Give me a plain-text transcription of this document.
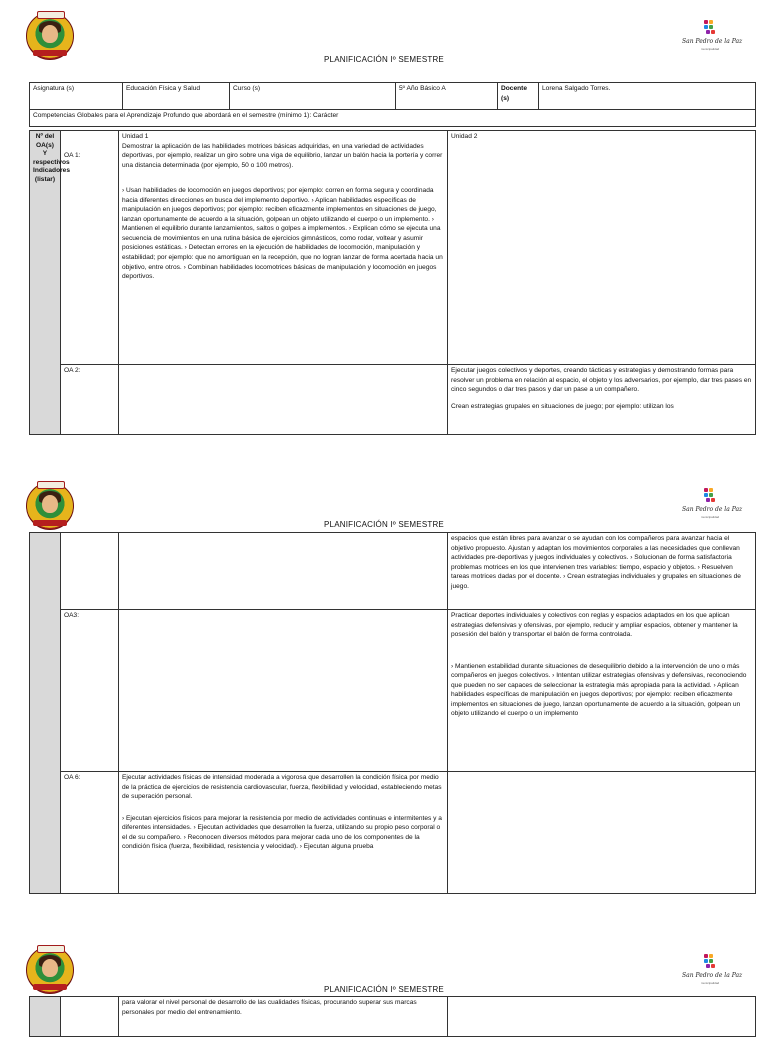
San Pedro de la Paz
municipalidad
PLANIFICACIÓN Iº SEMESTRE
Asignatura (s)	Educación Física y Salud	Curso (s)	5º Año Básico A	Docente (s)	Lorena Salgado Torres.
Competencias Globales para el Aprendizaje Profundo que abordará en el semestre (mínimo 1): Carácter
Nº del OA(s) Y respectivos Indicadores (listar)	OA 1:	Unidad 1
Demostrar la aplicación de las habilidades motrices básicas adquiridas, en una variedad de actividades deportivas, por ejemplo, realizar un giro sobre una viga de equilibrio, lanzar un balón hacia la portería y correr una distancia determinada (por ejemplo, 50 o 100 metros).
› Usan habilidades de locomoción en juegos deportivos; por ejemplo: corren en forma segura y coordinada hacia diferentes direcciones en busca del implemento deportivo. › Aplican habilidades específicas de manipulación en juegos deportivos; por ejemplo: reciben eficazmente implementos en situaciones de juego, lanzan oportunamente de acuerdo a la situación, golpean un objeto utilizando el cuerpo o un implemento. › Mantienen el equilibrio durante lanzamientos, saltos o golpes a implementos. › Explican cómo se ejecuta una secuencia de movimientos en una rutina básica de ejercicios gimnásticos, como rodar, voltear y asumir posiciones estáticas. › Detectan errores en la ejecución de habilidades de locomoción, manipulación y estabilidad; por ejemplo: que no amortiguan en la recepción, que no logran lanzar de forma acertada hacia un objetivo, entre otros. › Combinan habilidades locomotrices básicas de manipulación y locomoción en juegos deportivos.	Unidad 2
	OA 2:		Ejecutar juegos colectivos y deportes, creando tácticas y estrategias y demostrando formas para resolver un problema en relación al espacio, el objeto y los adversarios, por ejemplo, dar tres pases en cinco segundos o dar tres pasos y dar un pase a un compañero.
Crean estrategias grupales en situaciones de juego; por ejemplo: utilizan los
San Pedro de la Paz
municipalidad
PLANIFICACIÓN Iº SEMESTRE
			espacios que están libres para avanzar o se ayudan con los compañeros para avanzar hacia el objetivo propuesto. Ajustan y adaptan los movimientos corporales a las necesidades que conllevan actividades pre-deportivas y juegos individuales y colectivos. › Solucionan de forma satisfactoria problemas motrices en los que intervienen tres variables: tiempo, espacio y objetos. › Resuelven tareas motrices dadas por el docente. › Crean estrategias individuales y grupales en situaciones de juego.
	OA3:		Practicar deportes individuales y colectivos con reglas y espacios adaptados en los que aplican estrategias defensivas y ofensivas, por ejemplo, reducir y ampliar espacios, obtener y mantener la posesión del balón y transportar el balón de forma controlada.
› Mantienen estabilidad durante situaciones de desequilibrio debido a la intervención de uno o más compañeros en juegos colectivos. › Intentan utilizar estrategias ofensivas y defensivas, reconociendo que pueden no ser capaces de seleccionar la estrategia más apropiada para la actividad. › Aplican habilidades específicas de manipulación en juegos deportivos; por ejemplo: reciben eficazmente implementos en situaciones de juego, lanzan oportunamente de acuerdo a la situación, golpean un objeto utilizando el cuerpo o un implemento

	OA 6:	Ejecutar actividades físicas de intensidad moderada a vigorosa que desarrollen la condición física por medio de la práctica de ejercicios de resistencia cardiovascular, fuerza, flexibilidad y velocidad, estableciendo metas de superación personal.
› Ejecutan ejercicios físicos para mejorar la resistencia por medio de actividades continuas e intermitentes y a diferentes intensidades. › Ejecutan actividades que desarrollen la fuerza, utilizando su propio peso corporal o el de su compañero. › Reconocen diversos métodos para mejorar cada uno de los componentes de la condición física (fuerza, flexibilidad, resistencia y velocidad). › Ejecutan alguna prueba	

San Pedro de la Paz
municipalidad
PLANIFICACIÓN Iº SEMESTRE
		para valorar el nivel personal de desarrollo de las cualidades físicas, procurando superar sus marcas personales por medio del entrenamiento.	
